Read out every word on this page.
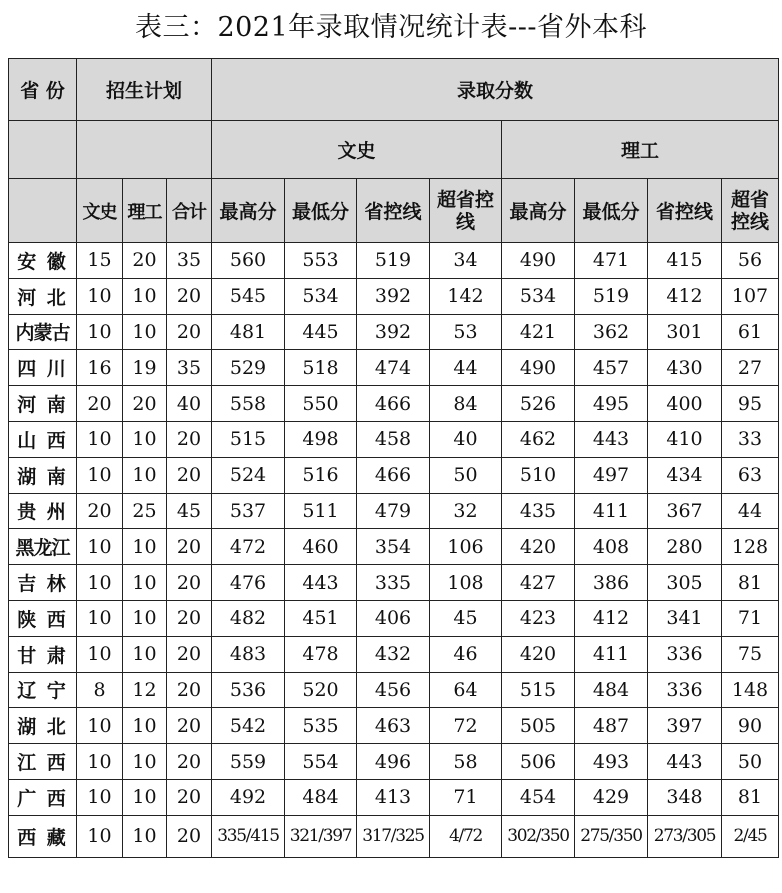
表三：2021年录取情况统计表---省外本科
省 份	招生计划			录取分数							
				文史				理工			
	文史	理工	合计	最高分	最低分	省控线	超省控线	最高分	最低分	省控线	超省控线
安 徽	15	20	35	560	553	519	34	490	471	415	56
河 北	10	10	20	545	534	392	142	534	519	412	107
内蒙古	10	10	20	481	445	392	53	421	362	301	61
四 川	16	19	35	529	518	474	44	490	457	430	27
河 南	20	20	40	558	550	466	84	526	495	400	95
山 西	10	10	20	515	498	458	40	462	443	410	33
湖 南	10	10	20	524	516	466	50	510	497	434	63
贵 州	20	25	45	537	511	479	32	435	411	367	44
黑龙江	10	10	20	472	460	354	106	420	408	280	128
吉 林	10	10	20	476	443	335	108	427	386	305	81
陕 西	10	10	20	482	451	406	45	423	412	341	71
甘 肃	10	10	20	483	478	432	46	420	411	336	75
辽 宁	8	12	20	536	520	456	64	515	484	336	148
湖 北	10	10	20	542	535	463	72	505	487	397	90
江 西	10	10	20	559	554	496	58	506	493	443	50
广 西	10	10	20	492	484	413	71	454	429	348	81
西 藏	10	10	20	335/415	321/397	317/325	4/72	302/350	275/350	273/305	2/45
